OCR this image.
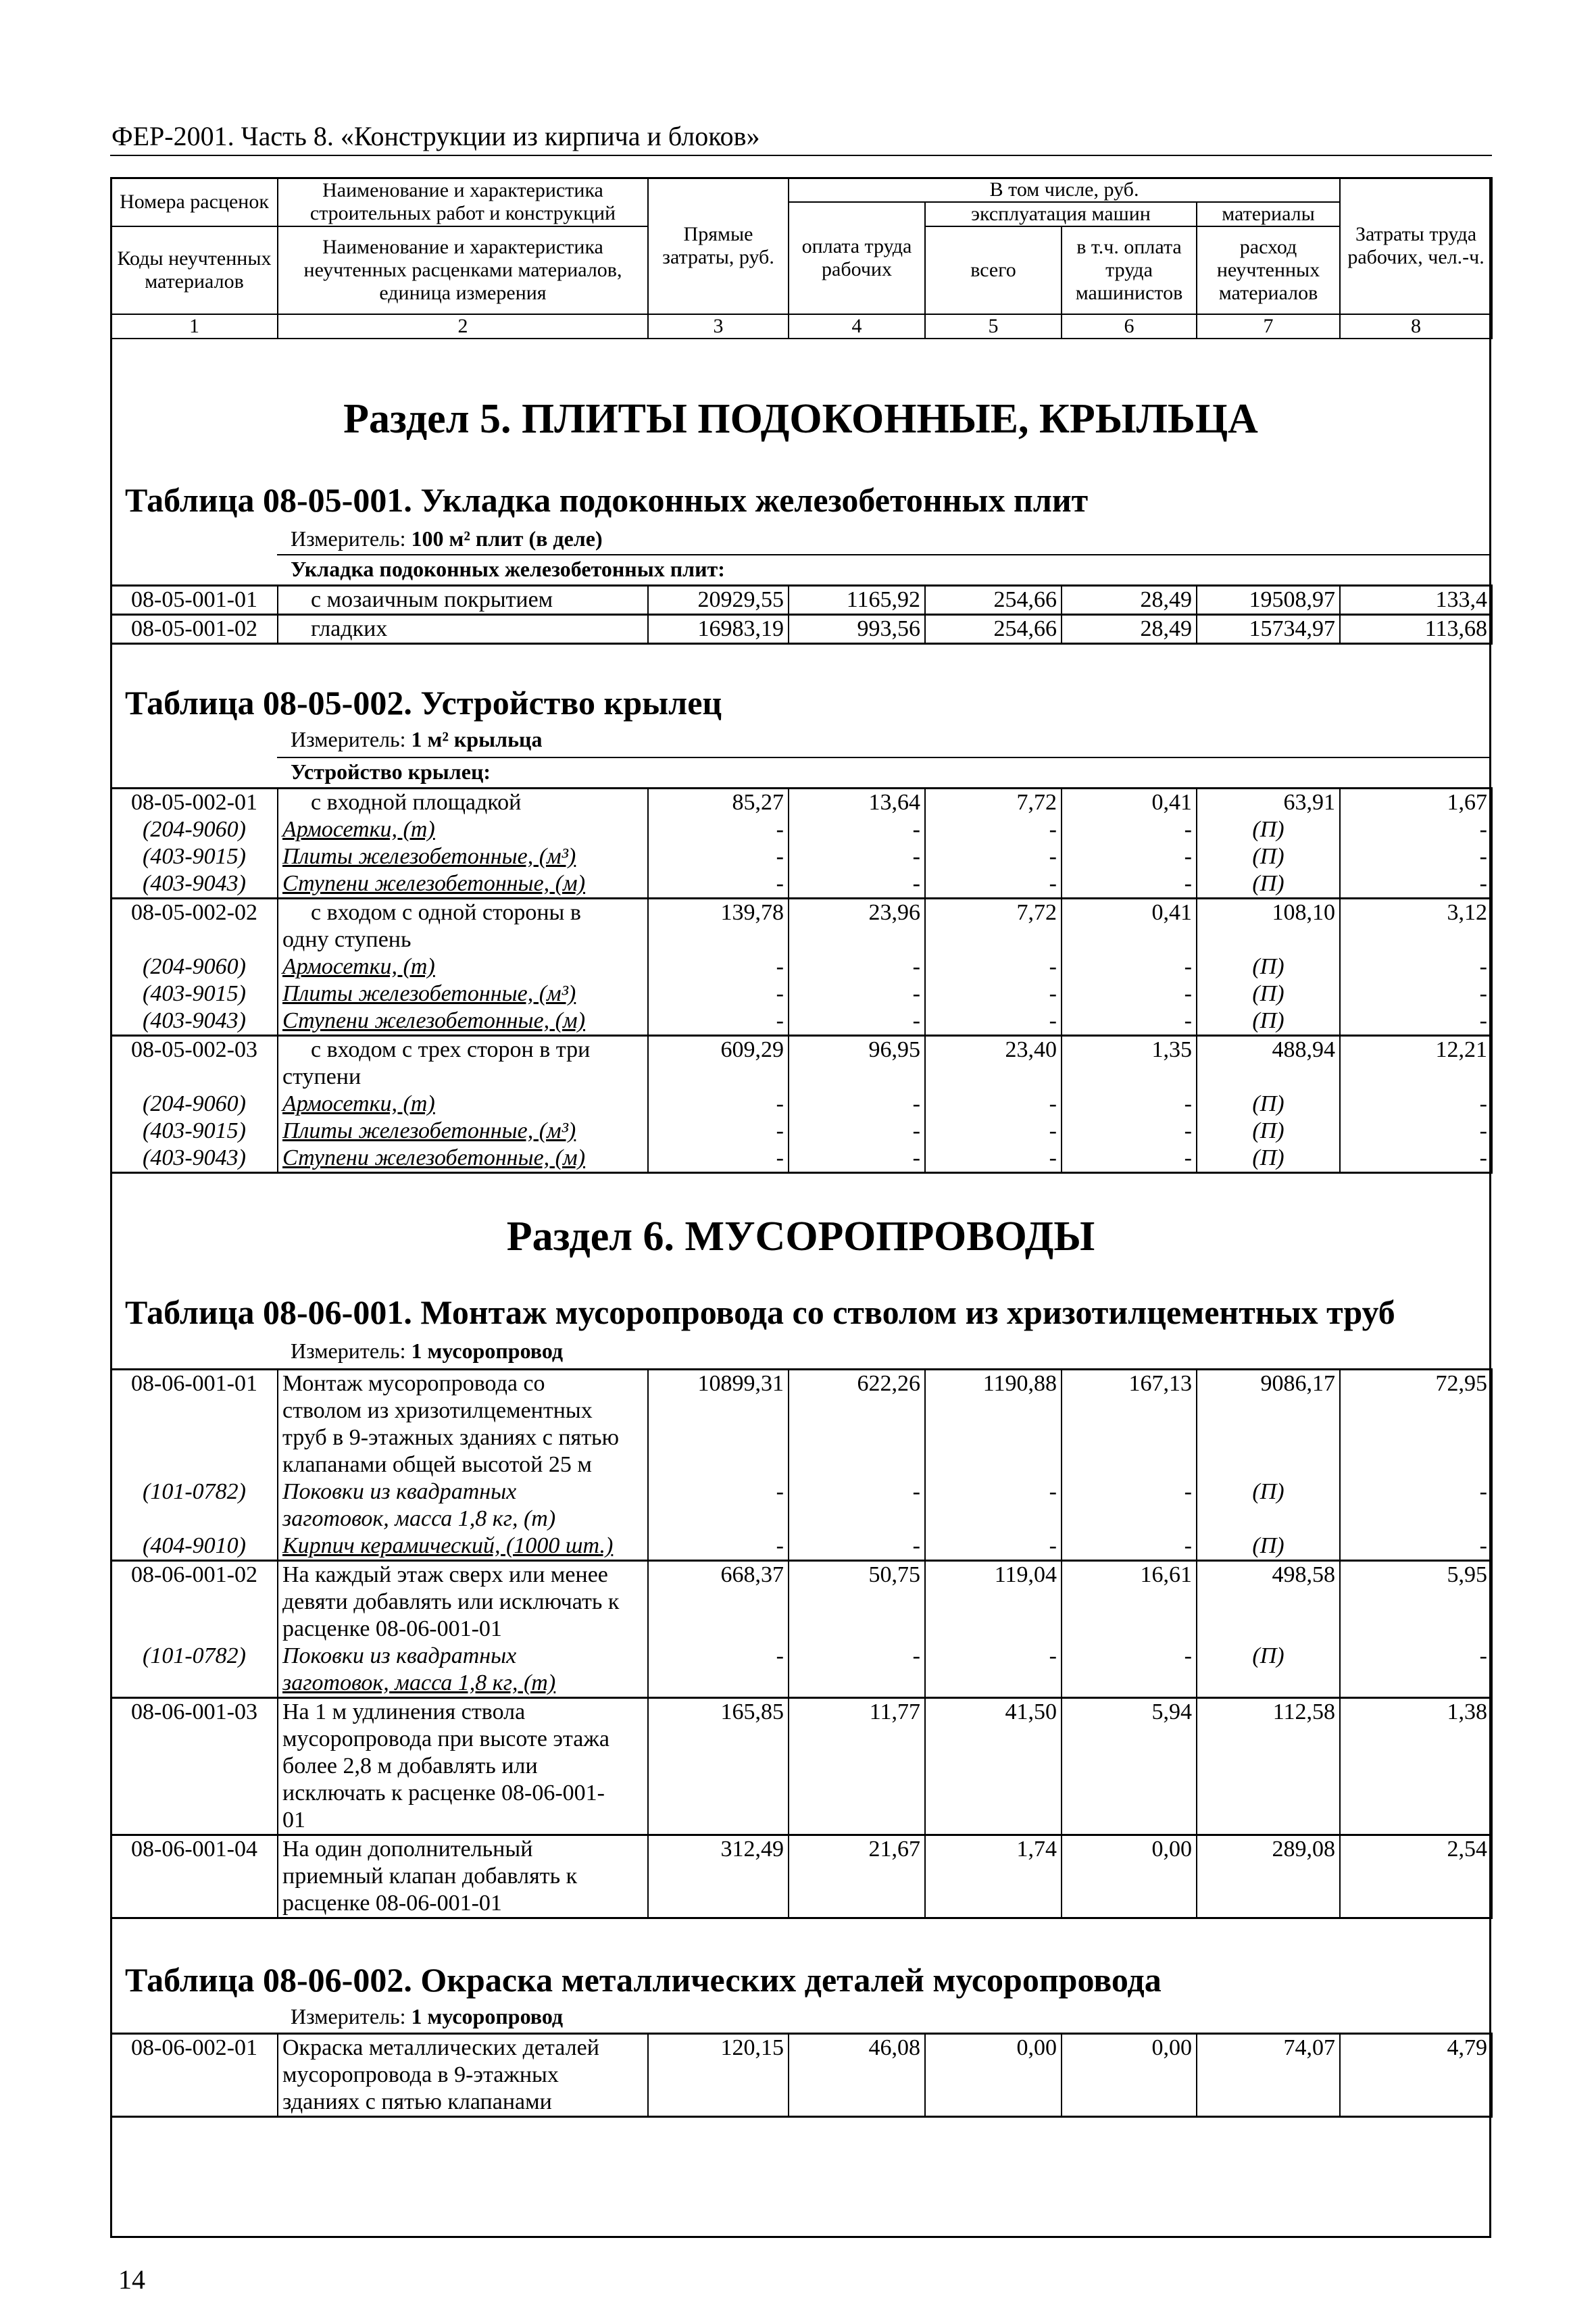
ФЕР-2001. Часть 8. «Конструкции из кирпича и блоков»
Номера расценок	Наименование и характеристика строительных работ и конструкций	Прямые затраты, руб.	В том числе, руб.				Затраты труда рабочих, чел.-ч.
			оплата труда рабочих	эксплуатация машин		материалы	
Коды неучтенных материалов	Наименование и характеристика неучтенных расценками материалов, единица измерения			всего	в т.ч. оплата труда машинистов	расход неучтенных материалов	

1	2	3	4	5	6	7	8
Раздел 5. ПЛИТЫ ПОДОКОННЫЕ, КРЫЛЬЦА
Таблица 08-05-001. Укладка подоконных железобетонных плит
Измеритель: 100 м² плит (в деле)
Укладка подоконных железобетонных плит:
08-05-001-01	с мозаичным покрытием	20929,55	1165,92	254,66	28,49	19508,97	133,4
08-05-001-02	гладких	16983,19	993,56	254,66	28,49	15734,97	113,68
Таблица 08-05-002. Устройство крылец
Измеритель: 1 м² крыльца
Устройство крылец:
08-05-002-01	с входной площадкой	85,27	13,64	7,72	0,41	63,91	1,67
(204-9060)	Армосетки, (т)	-	-	-	-	(П)	-
(403-9015)	Плиты железобетонные, (м³)	-	-	-	-	(П)	-
(403-9043)	Ступени железобетонные, (м)	-	-	-	-	(П)	-
08-05-002-02	с входом с одной стороны в	139,78	23,96	7,72	0,41	108,10	3,12
	одну ступень						
(204-9060)	Армосетки, (т)	-	-	-	-	(П)	-
(403-9015)	Плиты железобетонные, (м³)	-	-	-	-	(П)	-
(403-9043)	Ступени железобетонные, (м)	-	-	-	-	(П)	-
08-05-002-03	с входом с трех сторон в три	609,29	96,95	23,40	1,35	488,94	12,21
	ступени						
(204-9060)	Армосетки, (т)	-	-	-	-	(П)	-
(403-9015)	Плиты железобетонные, (м³)	-	-	-	-	(П)	-
(403-9043)	Ступени железобетонные, (м)	-	-	-	-	(П)	-
Раздел 6. МУСОРОПРОВОДЫ
Таблица 08-06-001. Монтаж мусоропровода со стволом из хризотилцементных труб
Измеритель: 1 мусоропровод
08-06-001-01	Монтаж мусоропровода со	10899,31	622,26	1190,88	167,13	9086,17	72,95
	стволом из хризотилцементных						
	труб в 9-этажных зданиях с пятью						
	клапанами общей высотой 25 м						
(101-0782)	Поковки из квадратных	-	-	-	-	(П)	-
	заготовок, масса 1,8 кг, (т)						
(404-9010)	Кирпич керамический, (1000 шт.)	-	-	-	-	(П)	-
08-06-001-02	На каждый этаж сверх или менее	668,37	50,75	119,04	16,61	498,58	5,95
	девяти добавлять или исключать к						
	расценке 08-06-001-01						
(101-0782)	Поковки из квадратных	-	-	-	-	(П)	-
	заготовок, масса 1,8 кг, (т)						
08-06-001-03	На 1 м удлинения ствола	165,85	11,77	41,50	5,94	112,58	1,38
	мусоропровода при высоте этажа						
	более 2,8 м добавлять или						
	исключать к расценке 08-06-001-						
	01						
08-06-001-04	На один дополнительный	312,49	21,67	1,74	0,00	289,08	2,54
	приемный клапан добавлять к						
	расценке 08-06-001-01						
Таблица 08-06-002. Окраска металлических деталей мусоропровода
Измеритель: 1 мусоропровод
08-06-002-01	Окраска металлических деталей	120,15	46,08	0,00	0,00	74,07	4,79
	мусоропровода в 9-этажных						
	зданиях с пятью клапанами						
14
